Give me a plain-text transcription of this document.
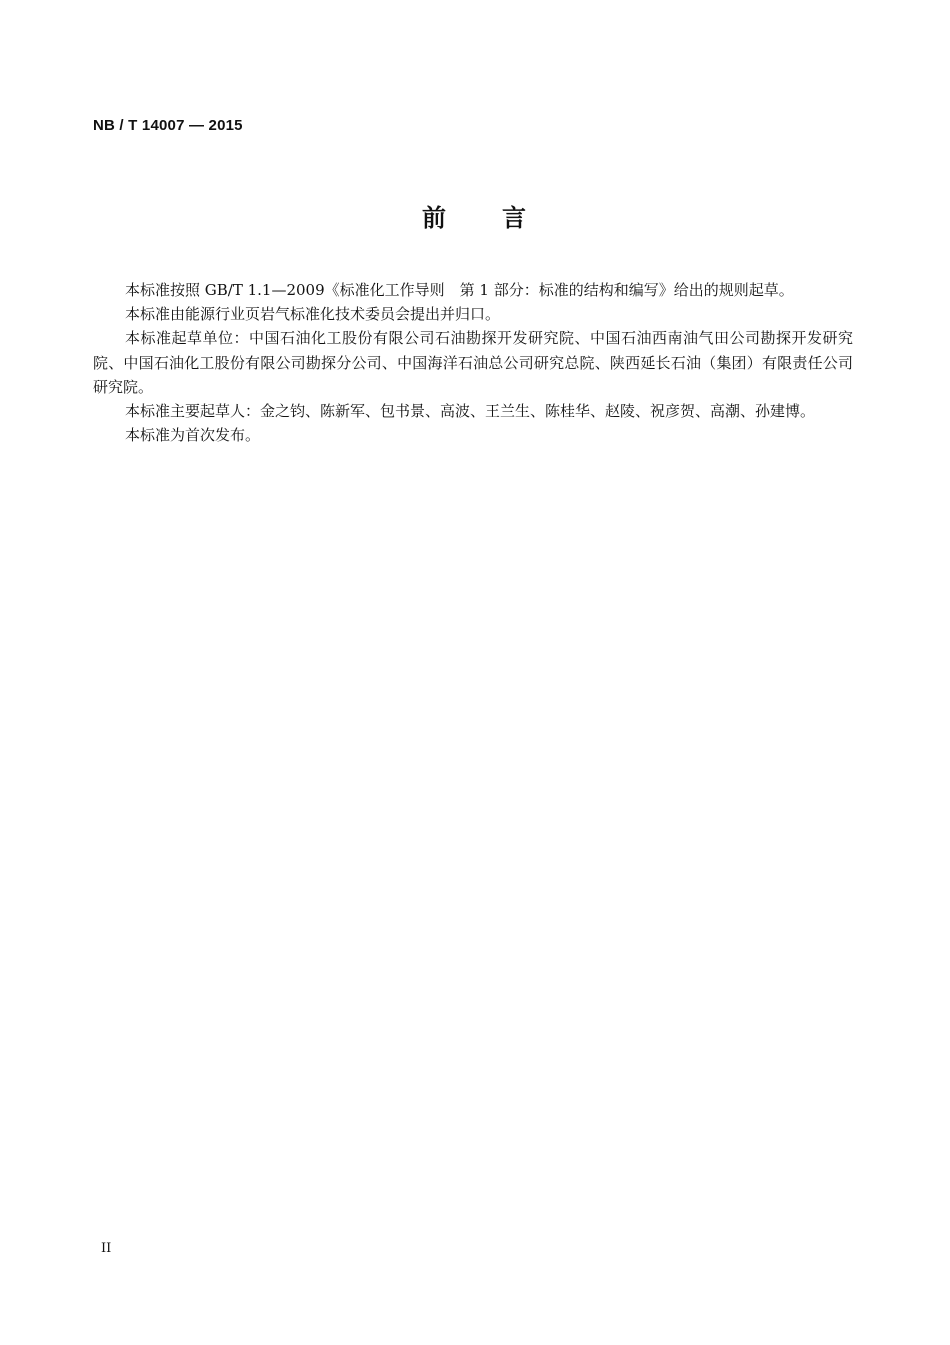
NB / T 14007 — 2015
前 言

本标准按照 GB/T 1.1—2009《标准化工作导则　第 1 部分：标准的结构和编写》给出的规则起草。

本标准由能源行业页岩气标准化技术委员会提出并归口。

本标准起草单位：中国石油化工股份有限公司石油勘探开发研究院、中国石油西南油气田公司勘探开发研究院、中国石油化工股份有限公司勘探分公司、中国海洋石油总公司研究总院、陕西延长石油（集团）有限责任公司研究院。

本标准主要起草人：金之钧、陈新军、包书景、高波、王兰生、陈桂华、赵陵、祝彦贺、高潮、孙建博。

本标准为首次发布。

II
